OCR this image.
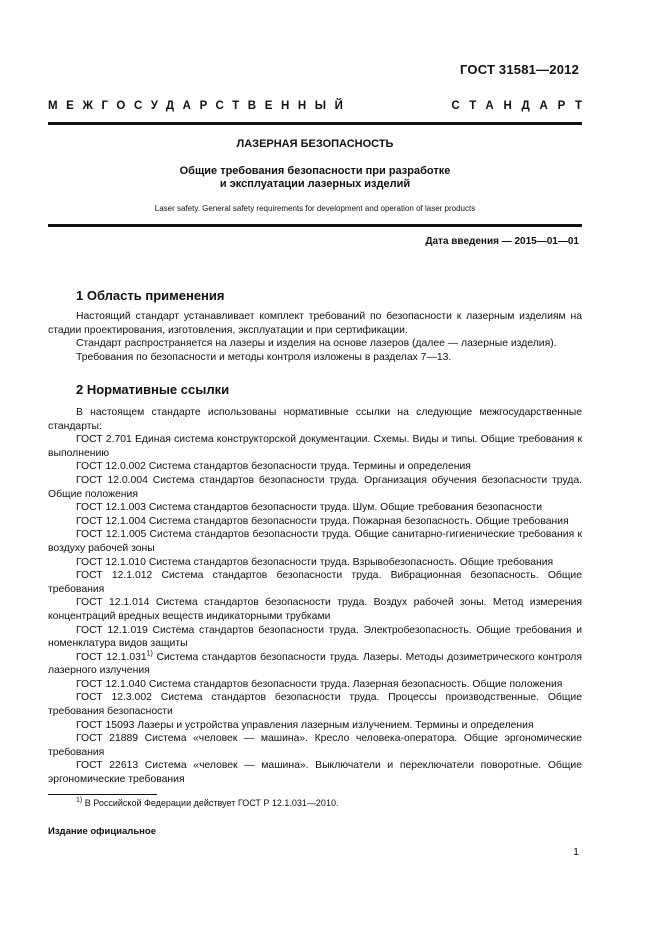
ГОСТ 31581—2012
МЕЖГОСУДАРСТВЕННЫЙ	СТАНДАРТ
ЛАЗЕРНАЯ БЕЗОПАСНОСТЬ
Общие требования безопасности при разработке
и эксплуатации лазерных изделий
Laser safety. General safety requirements for development and operation of laser products
Дата введения — 2015—01—01
1 Область применения

Настоящий стандарт устанавливает комплект требований по безопасности к лазерным изделиям на стадии проектирования, изготовления, эксплуатации и при сертификации.

Стандарт распространяется на лазеры и изделия на основе лазеров (далее — лазерные изделия).

Требования по безопасности и методы контроля изложены в разделах 7—13.

2 Нормативные ссылки

В настоящем стандарте использованы нормативные ссылки на следующие межгосударственные стандарты:

ГОСТ 2.701 Единая система конструкторской документации. Схемы. Виды и типы. Общие требования к выполнению

ГОСТ 12.0.002 Система стандартов безопасности труда. Термины и определения

ГОСТ 12.0.004 Система стандартов безопасности труда. Организация обучения безопасности труда. Общие положения

ГОСТ 12.1.003 Система стандартов безопасности труда. Шум. Общие требования безопасности

ГОСТ 12.1.004 Система стандартов безопасности труда. Пожарная безопасность. Общие требования

ГОСТ 12.1.005 Система стандартов безопасности труда. Общие санитарно-гигиенические требования к воздуху рабочей зоны

ГОСТ 12.1.010 Система стандартов безопасности труда. Взрывобезопасность. Общие требования

ГОСТ 12.1.012 Система стандартов безопасности труда. Вибрационная безопасность. Общие требования

ГОСТ 12.1.014 Система стандартов безопасности труда. Воздух рабочей зоны. Метод измерения концентраций вредных веществ индикаторными трубками

ГОСТ 12.1.019 Система стандартов безопасности труда. Электробезопасность. Общие требования и номенклатура видов защиты

ГОСТ 12.1.031$^{1)}$ Система стандартов безопасности труда. Лазеры. Методы дозиметрического контроля лазерного излучения

ГОСТ 12.1.040 Система стандартов безопасности труда. Лазерная безопасность. Общие положения

ГОСТ 12.3.002 Система стандартов безопасности труда. Процессы производственные. Общие требования безопасности

ГОСТ 15093 Лазеры и устройства управления лазерным излучением. Термины и определения

ГОСТ 21889 Система «человек — машина». Кресло человека-оператора. Общие эргономические требования

ГОСТ 22613 Система «человек — машина». Выключатели и переключатели поворотные. Общие эргономические требования

$^{1)}$ В Российской Федерации действует ГОСТ Р 12.1.031—2010.
Издание официальное
1
